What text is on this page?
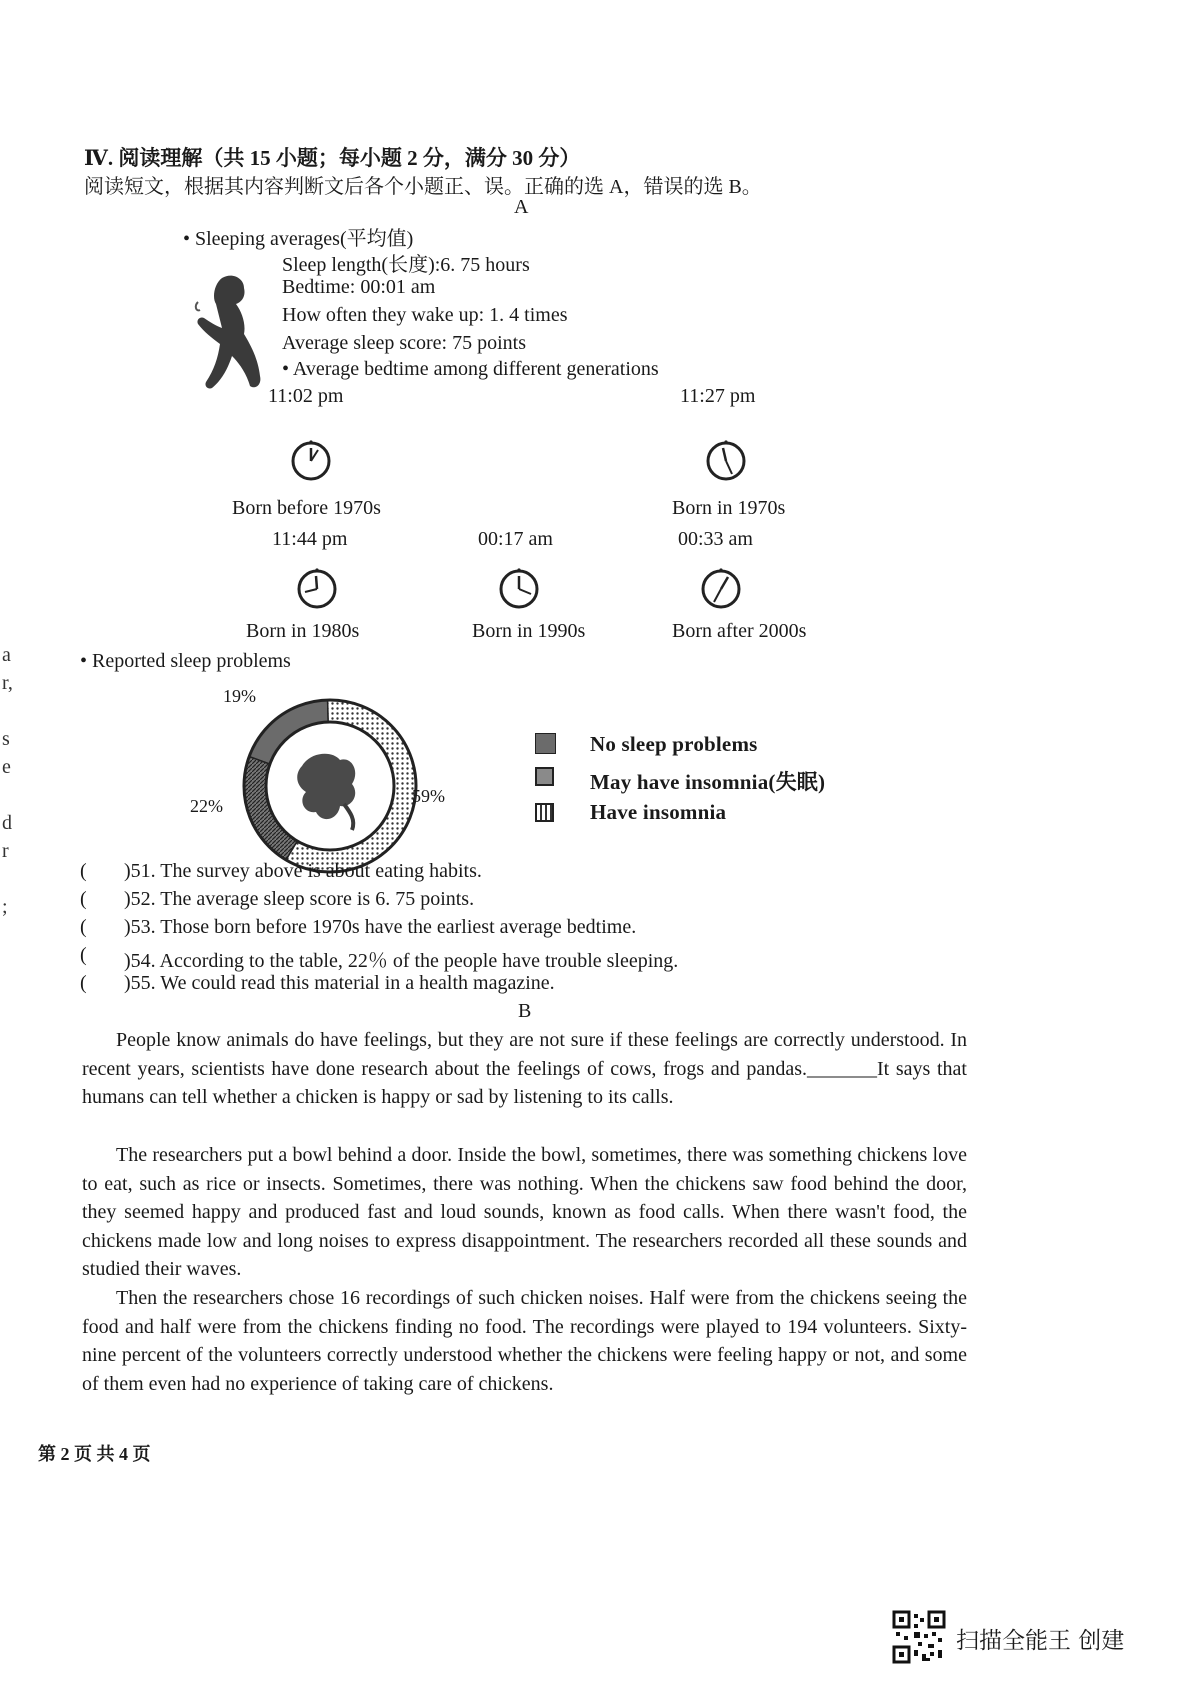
Ⅳ. 阅读理解（共 15 小题；每小题 2 分，满分 30 分）
阅读短文，根据其内容判断文后各个小题正、误。正确的选 A，错误的选 B。
A
• Sleeping averages(平均值)
Sleep length(长度):6. 75 hours
Bedtime: 00:01 am
How often they wake up: 1. 4 times
Average sleep score: 75 points
• Average bedtime among different generations
11:02 pm
Born before 1970s
11:27 pm
Born in 1970s
11:44 pm
Born in 1980s
00:17 am
Born in 1990s
00:33 am
Born after 2000s
• Reported sleep problems
59%
22%
19%
No sleep problems
May have insomnia(失眠)
Have insomnia
( )51. The survey above is about eating habits.
( )52. The average sleep score is 6. 75 points.
( )53. Those born before 1970s have the earliest average bedtime.
( )54. According to the table, 22％ of the people have trouble sleeping.
( )55. We could read this material in a health magazine.
B
People know animals do have feelings, but they are not sure if these feelings are correctly understood. In recent years, scientists have done research about the feelings of cows, frogs and pandas._______It says that humans can tell whether a chicken is happy or sad by listening to its calls.
The researchers put a bowl behind a door. Inside the bowl, sometimes, there was something chickens love to eat, such as rice or insects. Sometimes, there was nothing. When the chickens saw food behind the door, they seemed happy and produced fast and loud sounds, known as food calls. When there wasn't food, the chickens made low and long noises to express disappointment. The researchers recorded all these sounds and studied their waves.
Then the researchers chose 16 recordings of such chicken noises. Half were from the chickens seeing the food and half were from the chickens finding no food. The recordings were played to 194 volunteers. Sixty-nine percent of the volunteers correctly understood whether the chickens were feeling happy or not, and some of them even had no experience of taking care of chickens.
第 2 页 共 4 页
a
r,
s
e
d
r
;
扫描全能王 创建
